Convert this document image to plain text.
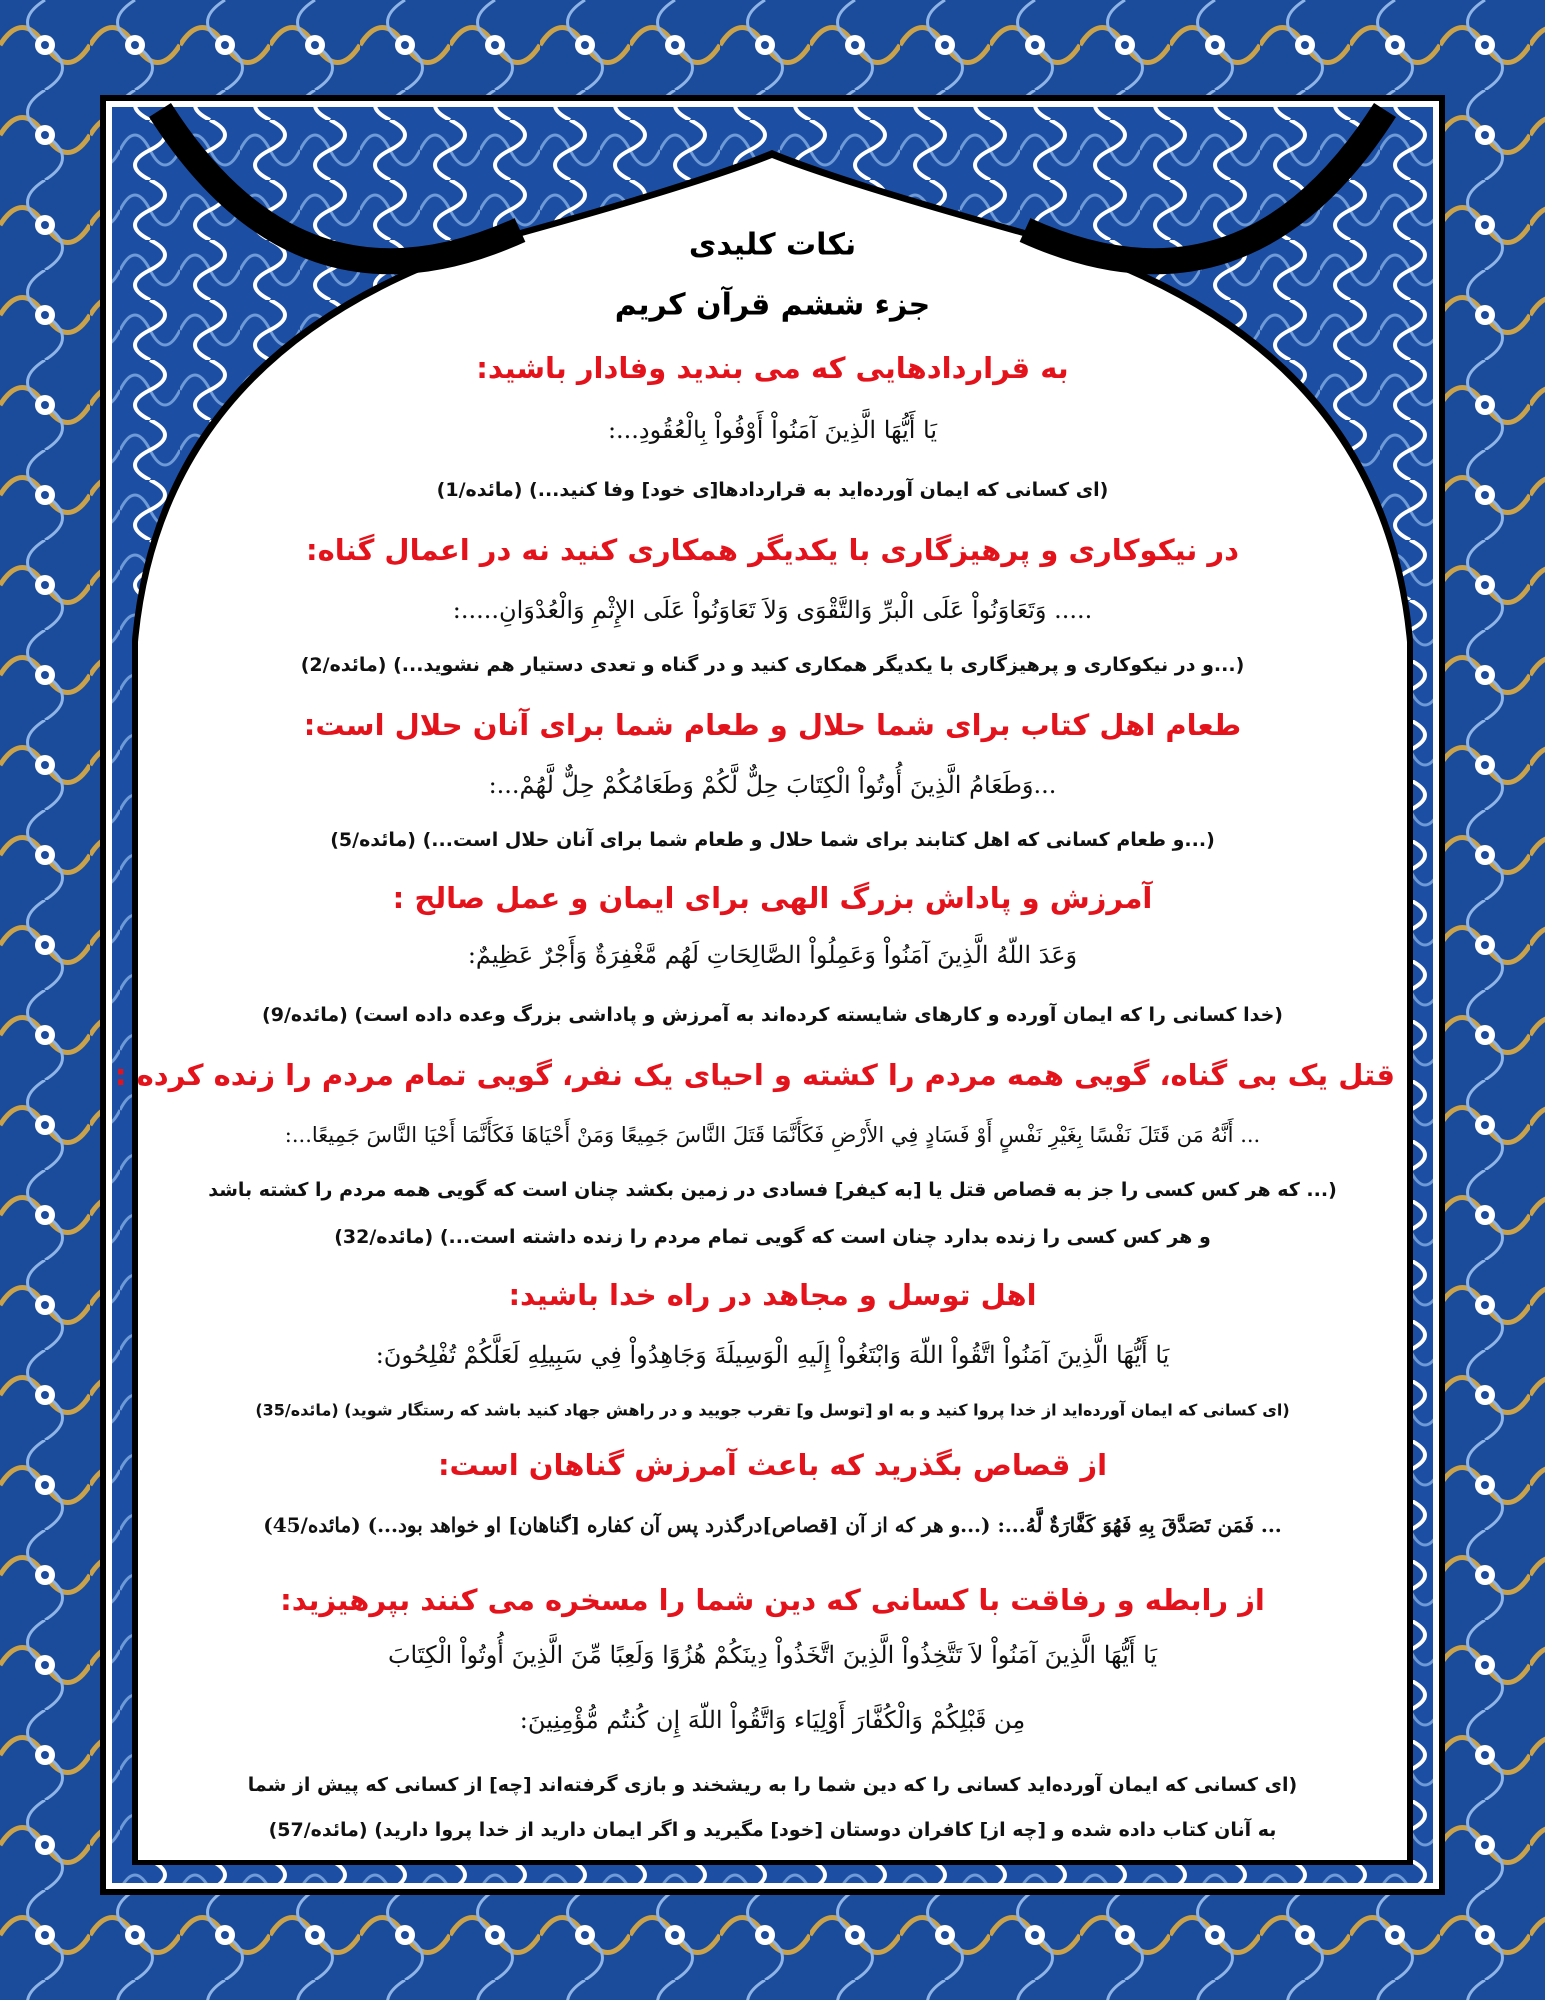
نکات کلیدی
جزء ششم قرآن کریم
به قراردادهایی که می بندید وفادار باشید:
يَا أَيُّهَا الَّذِينَ آمَنُواْ أَوْفُواْ بِالْعُقُودِ...:
(ای کسانی که ایمان آورده‌اید به قراردادها[ی خود] وفا کنید...) (مائده/1)
در نیکوکاری و پرهیزگاری با یکدیگر همکاری کنید نه در اعمال گناه:
..... وَتَعَاوَنُواْ عَلَى الْبرِّ وَالتَّقْوَى وَلاَ تَعَاوَنُواْ عَلَى الإِثْمِ وَالْعُدْوَانِ.....:
(...و در نیکوکاری و پرهیزگاری با یکدیگر همکاری کنید و در گناه و تعدی دستیار هم نشوید...) (مائده/2)
طعام اهل کتاب برای شما حلال و طعام شما برای آنان حلال است:
...وَطَعَامُ الَّذِينَ أُوتُواْ الْكِتَابَ حِلٌّ لَّكُمْ وَطَعَامُكُمْ حِلٌّ لَّهُمْ...:
(...و طعام کسانی که اهل کتابند برای شما حلال و طعام شما برای آنان حلال است...) (مائده/5)
آمرزش و پاداش بزرگ الهی برای ایمان و عمل صالح :
وَعَدَ اللّهُ الَّذِينَ آمَنُواْ وَعَمِلُواْ الصَّالِحَاتِ لَهُم مَّغْفِرَةٌ وَأَجْرٌ عَظِيمٌ:
(خدا کسانی را که ایمان آورده و کارهای شایسته کرده‌اند به آمرزش و پاداشی بزرگ وعده داده است) (مائده/9)
قتل یک بی گناه، گویی همه مردم را کشته و احیای یک نفر، گویی تمام مردم را زنده کرده :
... أَنَّهُ مَن قَتَلَ نَفْسًا بِغَيْرِ نَفْسٍ أَوْ فَسَادٍ فِي الأَرْضِ فَكَأَنَّمَا قَتَلَ النَّاسَ جَمِيعًا وَمَنْ أَحْيَاهَا فَكَأَنَّمَا أَحْيَا النَّاسَ جَمِيعًا...:
(... که هر کس کسی را جز به قصاص قتل یا [به کیفر] فسادی در زمین بکشد چنان است که گویی همه مردم را کشته باشد
و هر کس کسی را زنده بدارد چنان است که گویی تمام مردم را زنده داشته است...) (مائده/32)
اهل توسل و مجاهد در راه خدا باشید:
يَا أَيُّهَا الَّذِينَ آمَنُواْ اتَّقُواْ اللّهَ وَابْتَغُواْ إِلَيهِ الْوَسِيلَةَ وَجَاهِدُواْ فِي سَبِيلِهِ لَعَلَّكُمْ تُفْلِحُونَ:
(ای کسانی که ایمان آورده‌اید از خدا پروا کنید و به او [توسل و] تقرب جویید و در راهش جهاد کنید باشد که رستگار شوید) (مائده/35)
از قصاص بگذرید که باعث آمرزش گناهان است:
... فَمَن تَصَدَّقَ بِهِ فَهُوَ كَفَّارَةٌ لَّهُ...: (...و هر که از آن [قصاص]درگذرد پس آن کفاره [گناهان] او خواهد بود...) (مائده/45)
از رابطه و رفاقت با کسانی که دین شما را مسخره می کنند بپرهیزید:
يَا أَيُّهَا الَّذِينَ آمَنُواْ لاَ تَتَّخِذُواْ الَّذِينَ اتَّخَذُواْ دِينَكُمْ هُزُوًا وَلَعِبًا مِّنَ الَّذِينَ أُوتُواْ الْكِتَابَ
مِن قَبْلِكُمْ وَالْكُفَّارَ أَوْلِيَاء وَاتَّقُواْ اللّهَ إِن كُنتُم مُّؤْمِنِينَ:
(ای کسانی که ایمان آورده‌اید کسانی را که دین شما را به ریشخند و بازی گرفته‌اند [چه] از کسانی که پیش از شما
به آنان کتاب داده شده و [چه از] کافران دوستان [خود] مگیرید و اگر ایمان دارید از خدا پروا دارید) (مائده/57)
